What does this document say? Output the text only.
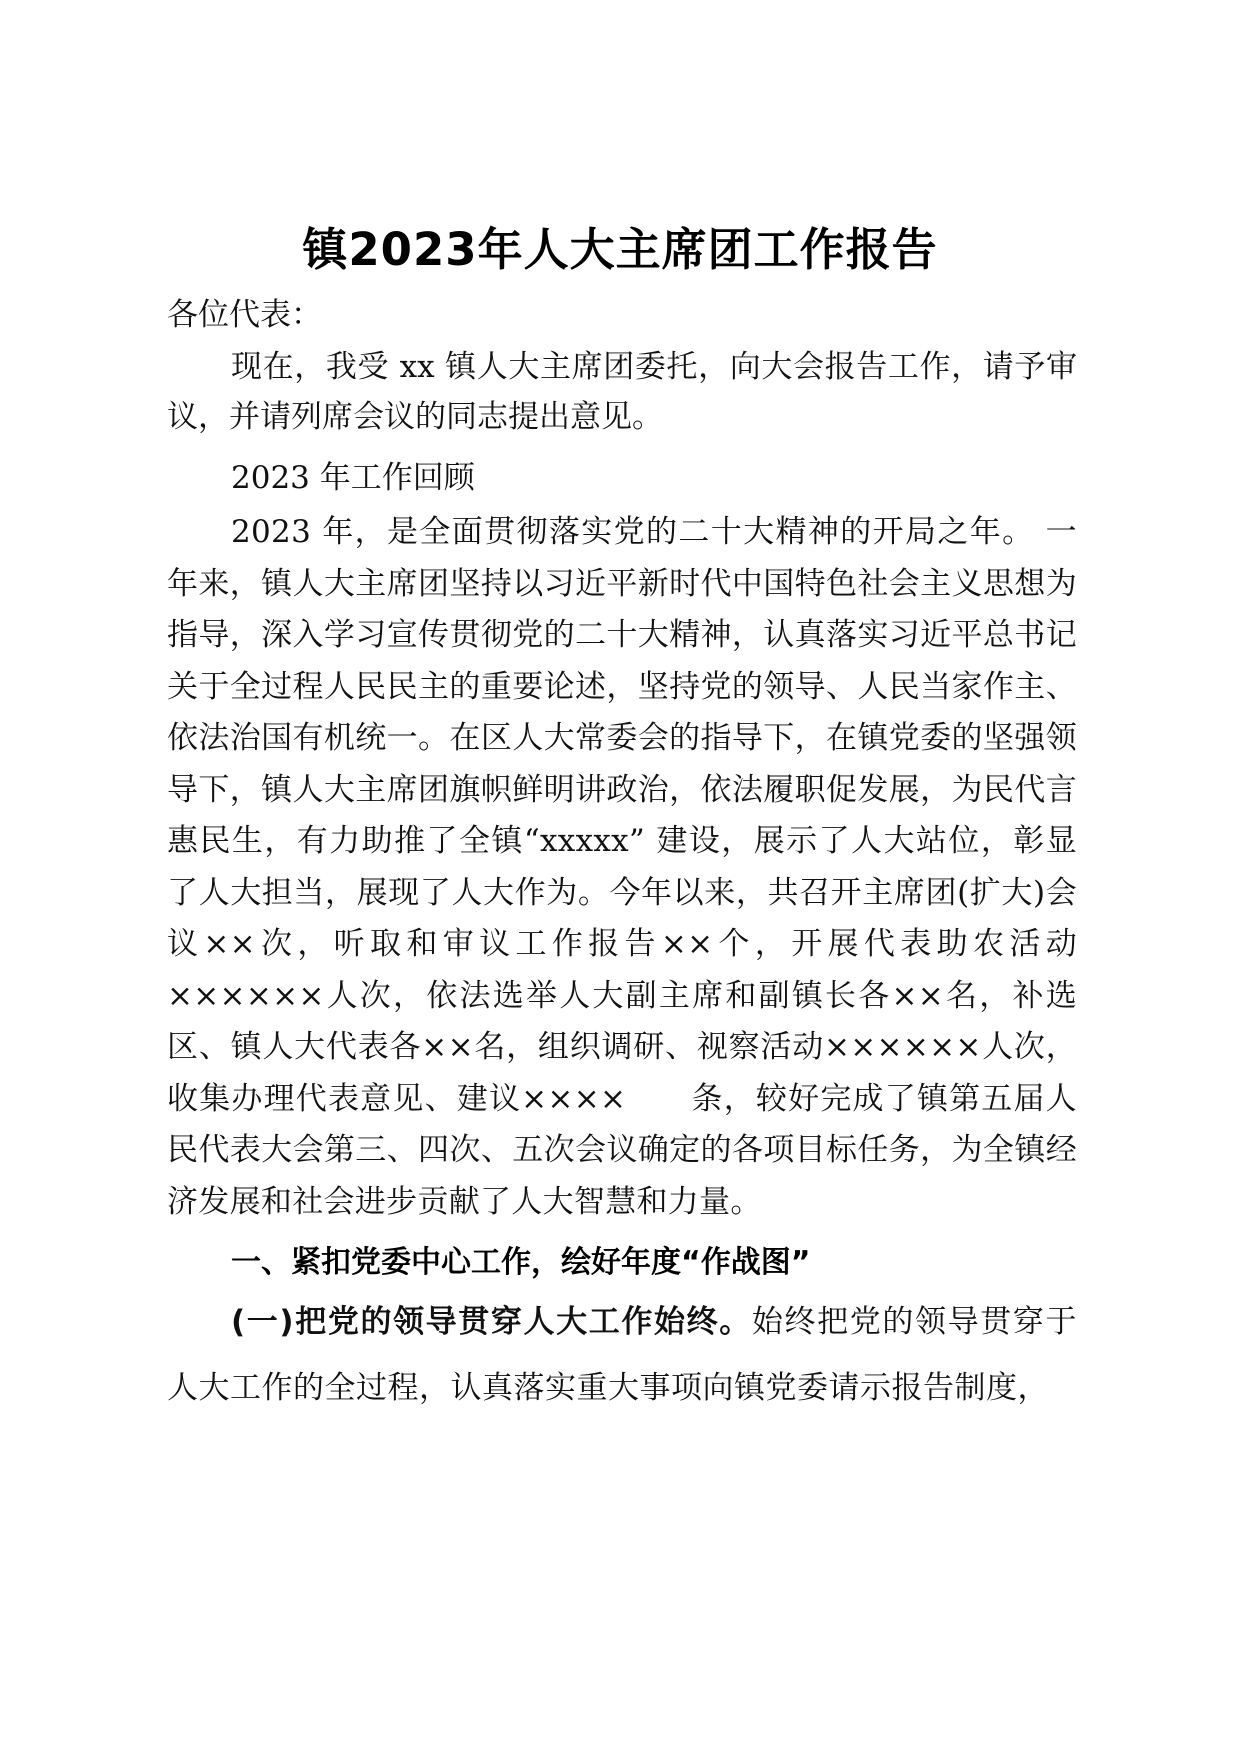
镇2023年人大主席团工作报告
各位代表：

现在，我受 xx 镇人大主席团委托，向大会报告工作，请予审议，并请列席会议的同志提出意见。

2023 年工作回顾

2023 年，是全面贯彻落实党的二十大精神的开局之年。 一年来，镇人大主席团坚持以习近平新时代中国特色社会主义思想为指导，深入学习宣传贯彻党的二十大精神，认真落实习近平总书记关于全过程人民民主的重要论述，坚持党的领导、人民当家作主、依法治国有机统一。在区人大常委会的指导下，在镇党委的坚强领导下，镇人大主席团旗帜鲜明讲政治，依法履职促发展，为民代言惠民生，有力助推了全镇“xxxxx” 建设，展示了人大站位，彰显了人大担当，展现了人大作为。今年以来，共召开主席团(扩大)会议××次，听取和审议工作报告××个，开展代表助农活动××××××人次，依法选举人大副主席和副镇长各××名，补选区、镇人大代表各××名，组织调研、视察活动××××××人次，收集办理代表意见、建议××××　　条，较好完成了镇第五届人民代表大会第三、四次、五次会议确定的各项目标任务，为全镇经济发展和社会进步贡献了人大智慧和力量。

一、紧扣党委中心工作，绘好年度“作战图”

(一)把党的领导贯穿人大工作始终。始终把党的领导贯穿于人大工作的全过程，认真落实重大事项向镇党委请示报告制度，
